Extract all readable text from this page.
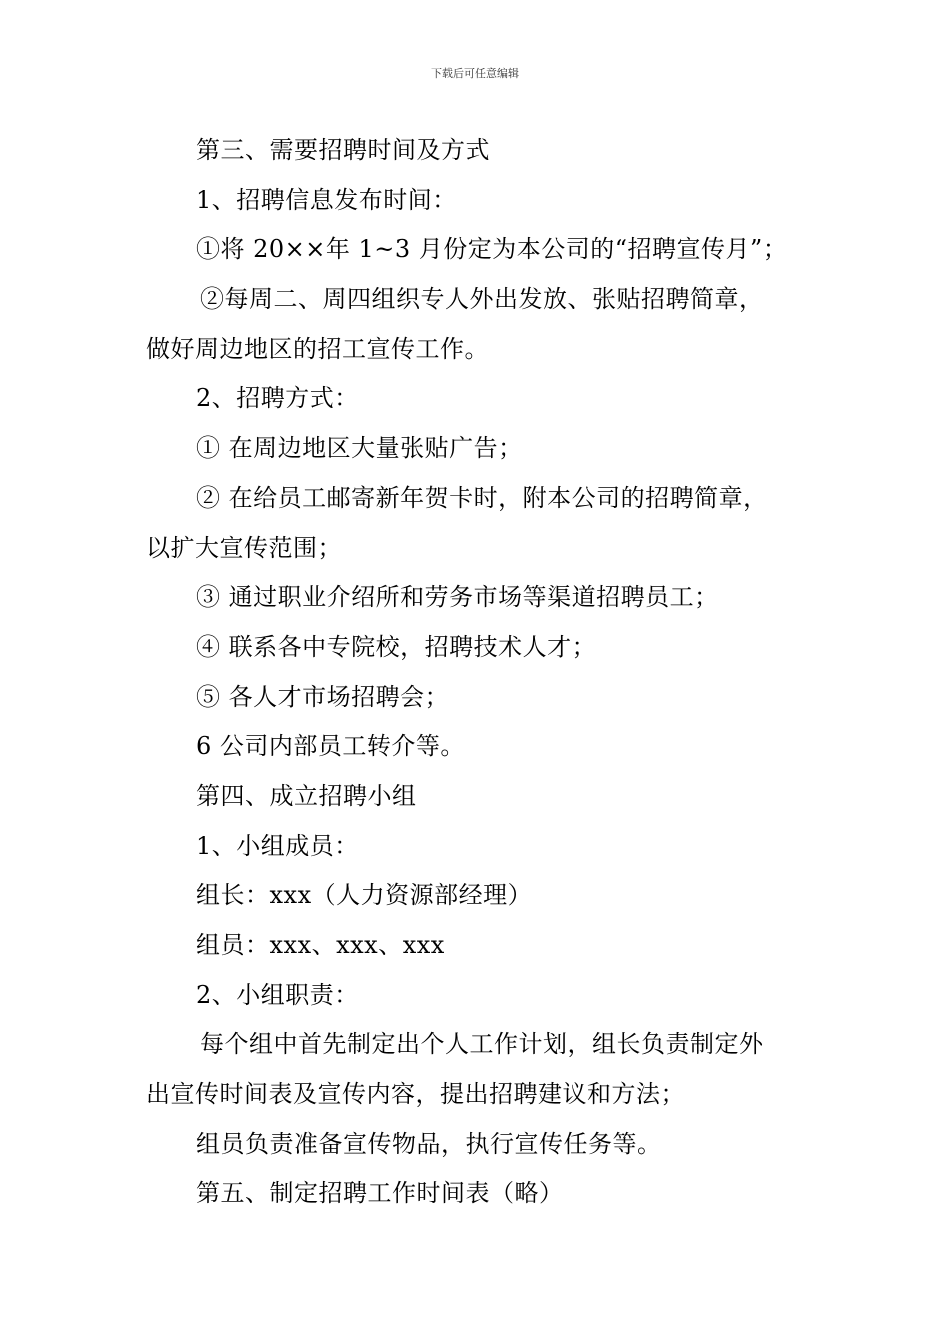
下载后可任意编辑
第三、需要招聘时间及方式
1、招聘信息发布时间：
①将 20××年 1~3 月份定为本公司的“招聘宣传月”；
②每周二、周四组织专人外出发放、张贴招聘简章，
做好周边地区的招工宣传工作。
2、招聘方式：
① 在周边地区大量张贴广告；
② 在给员工邮寄新年贺卡时，附本公司的招聘简章，
以扩大宣传范围；
③ 通过职业介绍所和劳务市场等渠道招聘员工；
④ 联系各中专院校，招聘技术人才；
⑤ 各人才市场招聘会；
6 公司内部员工转介等。
第四、成立招聘小组
1、小组成员：
组长：xxx（人力资源部经理）
组员：xxx、xxx、xxx
2、小组职责：
每个组中首先制定出个人工作计划，组长负责制定外
出宣传时间表及宣传内容，提出招聘建议和方法；
组员负责准备宣传物品，执行宣传任务等。
第五、制定招聘工作时间表（略）
